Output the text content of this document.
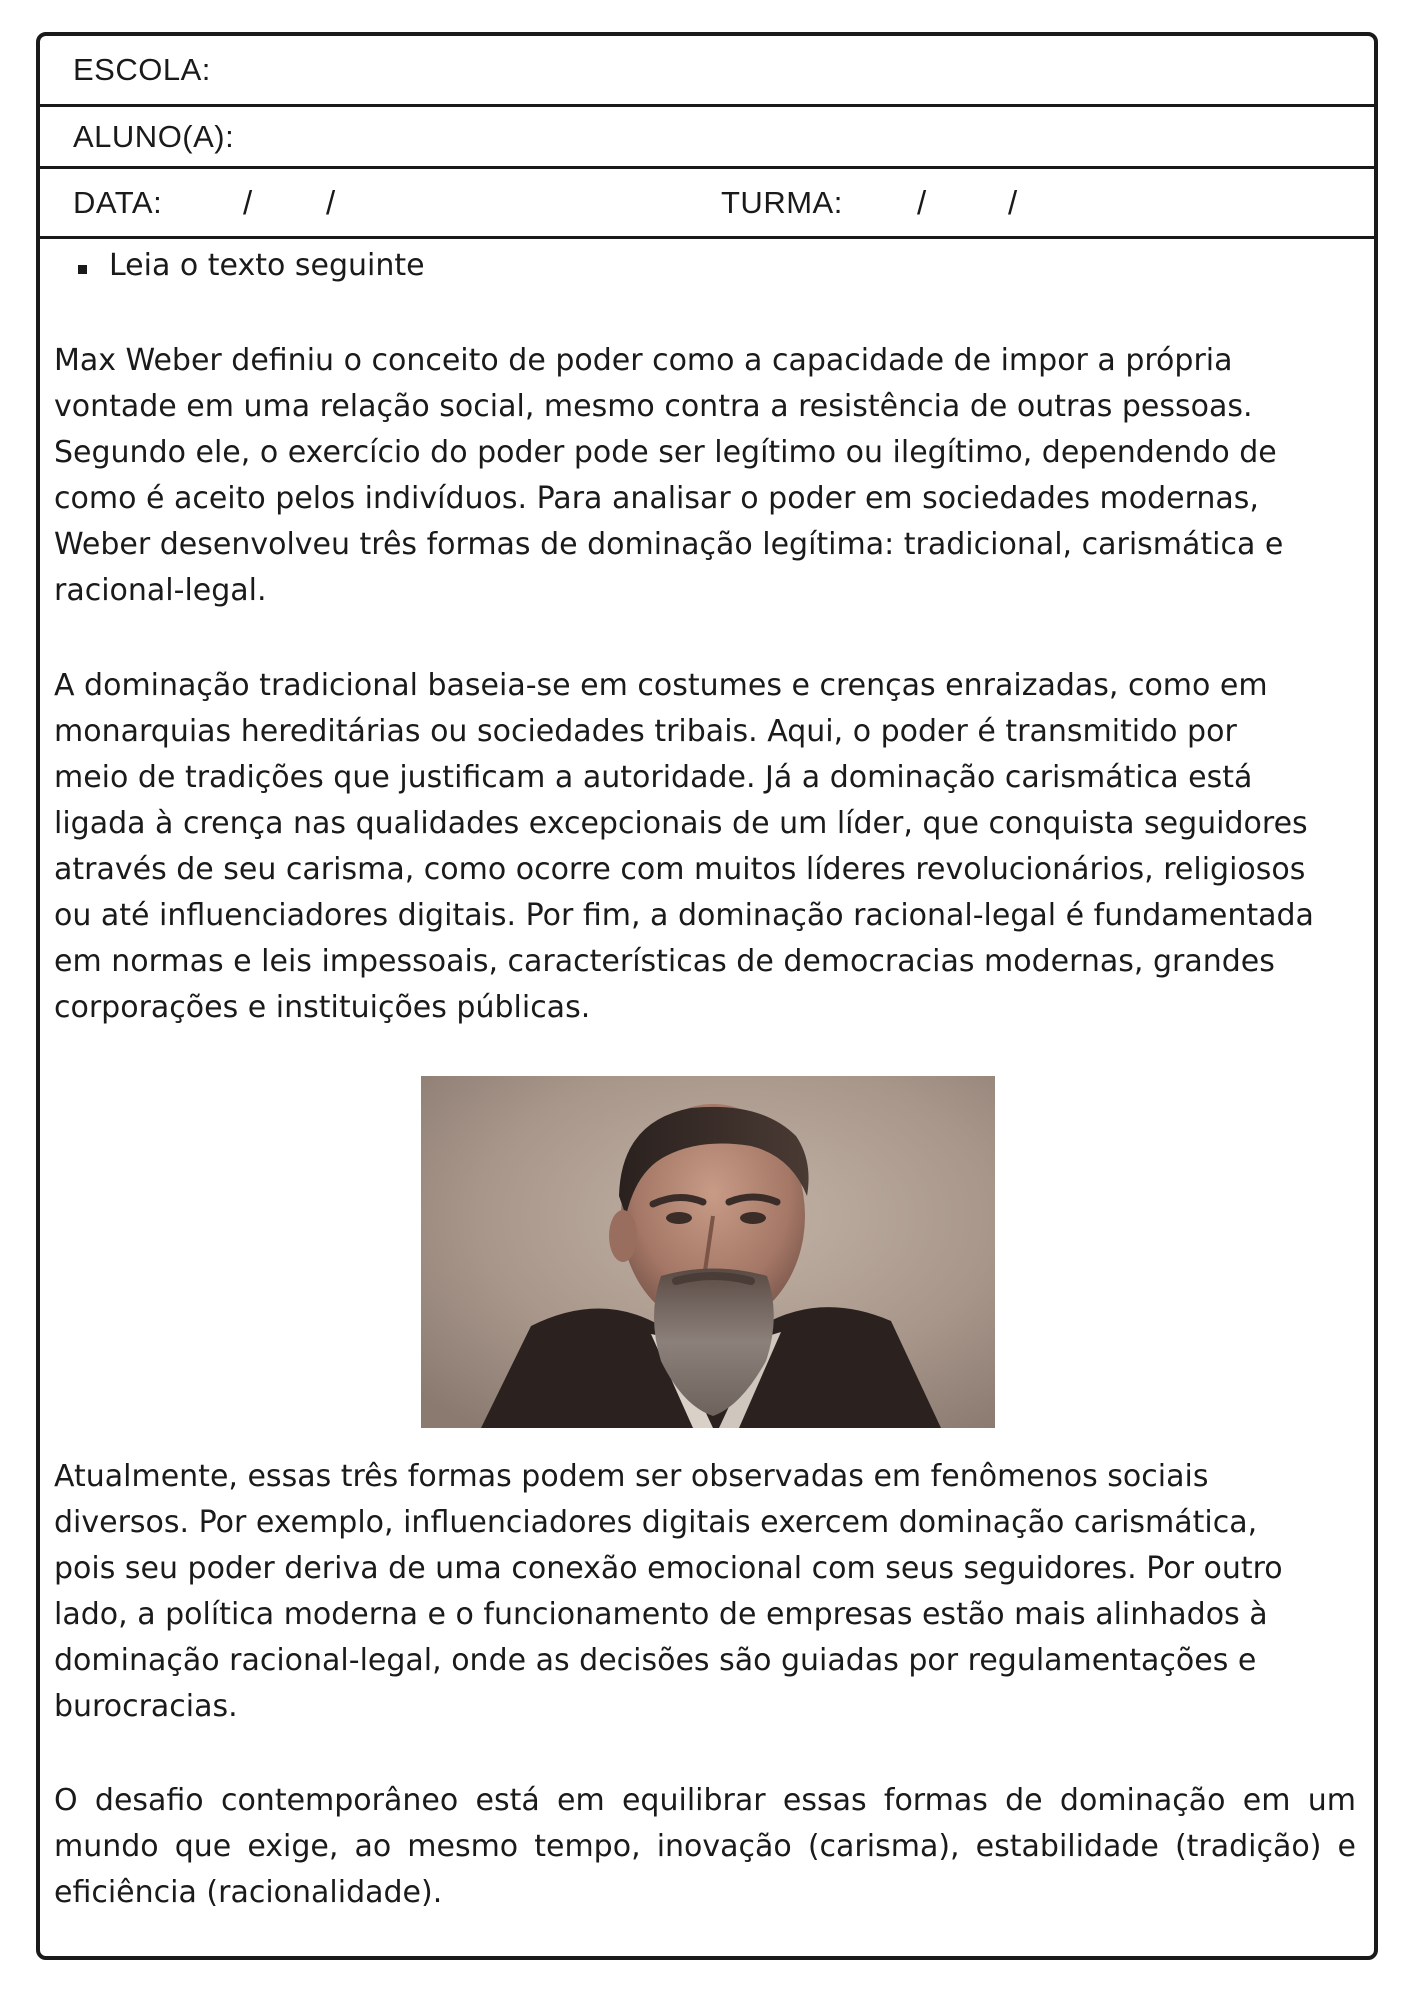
ESCOLA:
ALUNO(A):
DATA: / /	TURMA: / /
Leia o texto seguinte

Max Weber definiu o conceito de poder como a capacidade de impor a própria
vontade em uma relação social, mesmo contra a resistência de outras pessoas.
Segundo ele, o exercício do poder pode ser legítimo ou ilegítimo, dependendo de
como é aceito pelos indivíduos. Para analisar o poder em sociedades modernas,
Weber desenvolveu três formas de dominação legítima: tradicional, carismática e
racional-legal.

A dominação tradicional baseia-se em costumes e crenças enraizadas, como em
monarquias hereditárias ou sociedades tribais. Aqui, o poder é transmitido por
meio de tradições que justificam a autoridade. Já a dominação carismática está
ligada à crença nas qualidades excepcionais de um líder, que conquista seguidores
através de seu carisma, como ocorre com muitos líderes revolucionários, religiosos
ou até influenciadores digitais. Por fim, a dominação racional-legal é fundamentada
em normas e leis impessoais, características de democracias modernas, grandes
corporações e instituições públicas.

Atualmente, essas três formas podem ser observadas em fenômenos sociais
diversos. Por exemplo, influenciadores digitais exercem dominação carismática,
pois seu poder deriva de uma conexão emocional com seus seguidores. Por outro
lado, a política moderna e o funcionamento de empresas estão mais alinhados à
dominação racional-legal, onde as decisões são guiadas por regulamentações e
burocracias.

O desafio contemporâneo está em equilibrar essas formas de dominação em um mundo que exige, ao mesmo tempo, inovação (carisma), estabilidade (tradição) e eficiência (racionalidade).
